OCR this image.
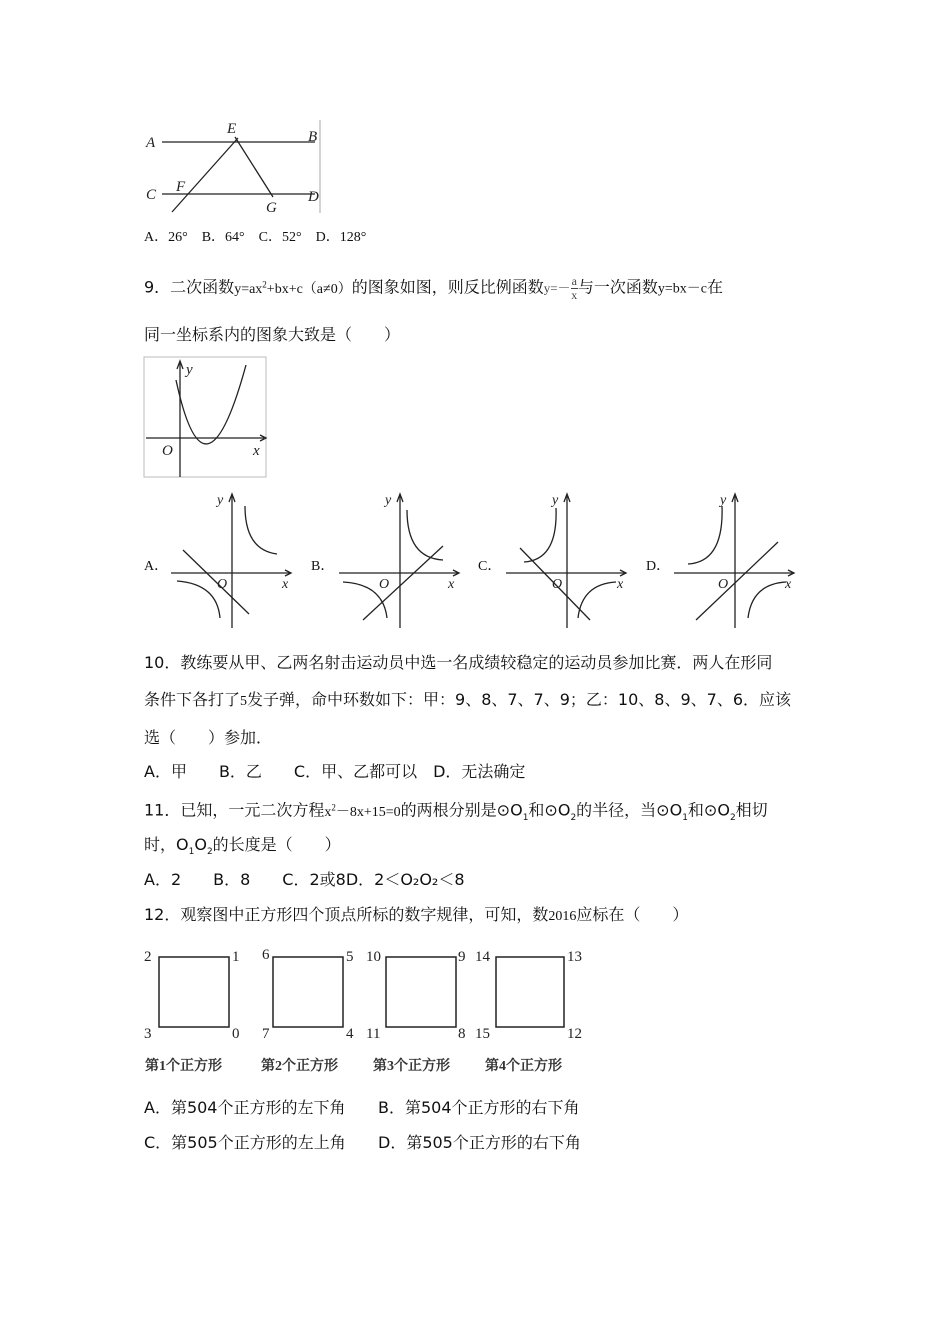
A	B
C	D
E
F
G
A．26°　B．64°　C．52°　D．128°
9．二次函数$y=ax^2+bx+c(a\ne 0)$的图象如图，则反比例函数$y=- \frac{a}{x}$ 与一次函数y=bx－c在
同一坐标系内的图象大致是（　　）
y
O	x
A．
y
O	x
B．
y
O	x
C．
y
O	x
D．
y
O	x
10．教练要从甲、乙两名射击运动员中选一名成绩较稳定的运动员参加比赛．两人在形同
条件下各打了5发子弹，命中环数如下：甲：9、8、7、7、9；乙：10、8、9、7、6．应该
选（　　）参加．
A．甲　　B．乙　　C．甲、乙都可以　D．无法确定
11．已知，一元二次方程$x^2-8x+15=0$的两根分别是$⊙O_1$和$⊙O_2$的半径，当$⊙O_1$和$⊙O_2$相切
时，$O_1O_2$的长度是（　　）
A．2　　B．8　　C．2或8D．2＜O₂O₂＜8
12．观察图中正方形四个顶点所标的数字规律，可知，数2016应标在（　　）
2	1
3	0
6	5
7	4
10	9
11	8
14	13
15	12
第1个正方形	第2个正方形	第3个正方形	第4个正方形
A．第504个正方形的左下角 B．第504个正方形的右下角
C．第505个正方形的左上角 D．第505个正方形的右下角
